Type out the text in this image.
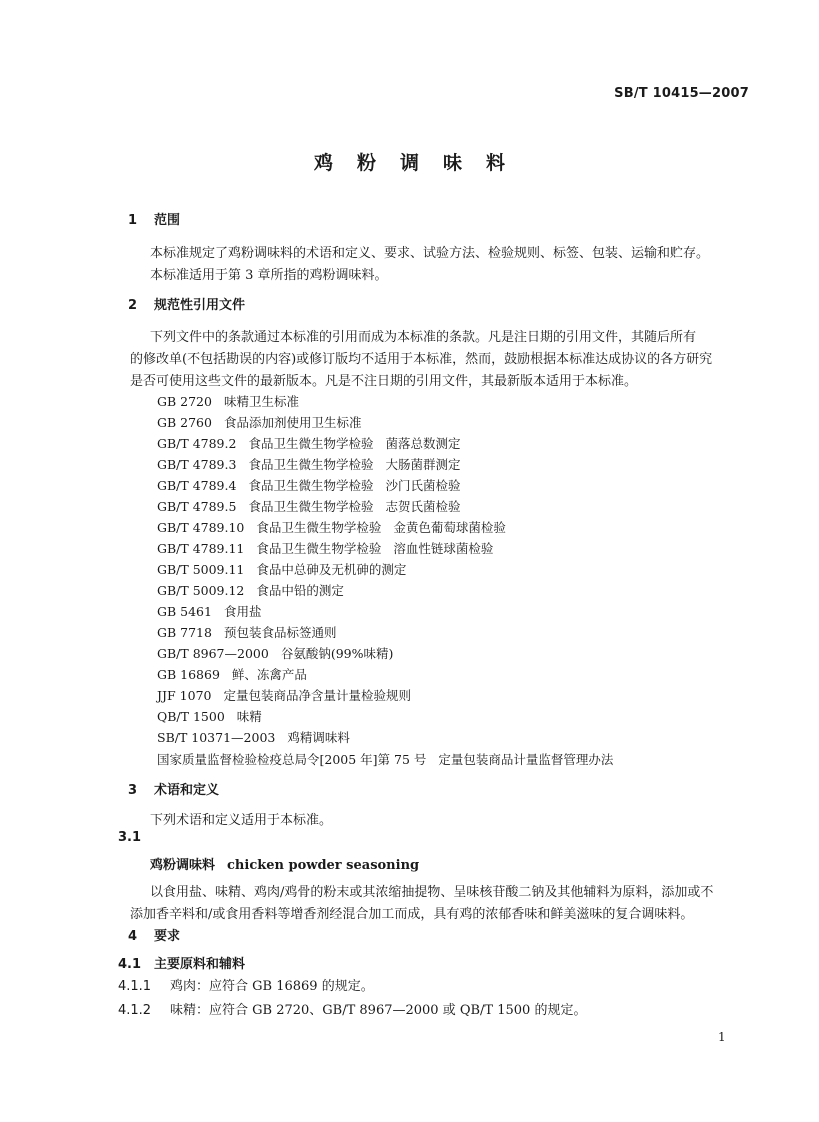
SB/T 10415—2007
鸡粉调味料
1 范围
本标准规定了鸡粉调味料的术语和定义、要求、试验方法、检验规则、标签、包装、运输和贮存。
本标准适用于第 3 章所指的鸡粉调味料。
2 规范性引用文件
下列文件中的条款通过本标准的引用而成为本标准的条款。凡是注日期的引用文件，其随后所有
的修改单(不包括勘误的内容)或修订版均不适用于本标准，然而，鼓励根据本标准达成协议的各方研究
是否可使用这些文件的最新版本。凡是不注日期的引用文件，其最新版本适用于本标准。
GB 2720 味精卫生标准
GB 2760 食品添加剂使用卫生标准
GB/T 4789.2 食品卫生微生物学检验 菌落总数测定
GB/T 4789.3 食品卫生微生物学检验 大肠菌群测定
GB/T 4789.4 食品卫生微生物学检验 沙门氏菌检验
GB/T 4789.5 食品卫生微生物学检验 志贺氏菌检验
GB/T 4789.10 食品卫生微生物学检验 金黄色葡萄球菌检验
GB/T 4789.11 食品卫生微生物学检验 溶血性链球菌检验
GB/T 5009.11 食品中总砷及无机砷的测定
GB/T 5009.12 食品中铅的测定
GB 5461 食用盐
GB 7718 预包装食品标签通则
GB/T 8967—2000 谷氨酸钠(99%味精)
GB 16869 鲜、冻禽产品
JJF 1070 定量包装商品净含量计量检验规则
QB/T 1500 味精
SB/T 10371—2003 鸡精调味料
国家质量监督检验检疫总局令[2005 年]第 75 号 定量包装商品计量监督管理办法
3 术语和定义
下列术语和定义适用于本标准。
3.1
鸡粉调味料 chicken powder seasoning
以食用盐、味精、鸡肉/鸡骨的粉末或其浓缩抽提物、呈味核苷酸二钠及其他辅料为原料，添加或不
添加香辛料和/或食用香料等增香剂经混合加工而成，具有鸡的浓郁香味和鲜美滋味的复合调味料。
4 要求
4.1 主要原料和辅料
4.1.1 鸡肉：应符合 GB 16869 的规定。
4.1.2 味精：应符合 GB 2720、GB/T 8967—2000 或 QB/T 1500 的规定。
1
